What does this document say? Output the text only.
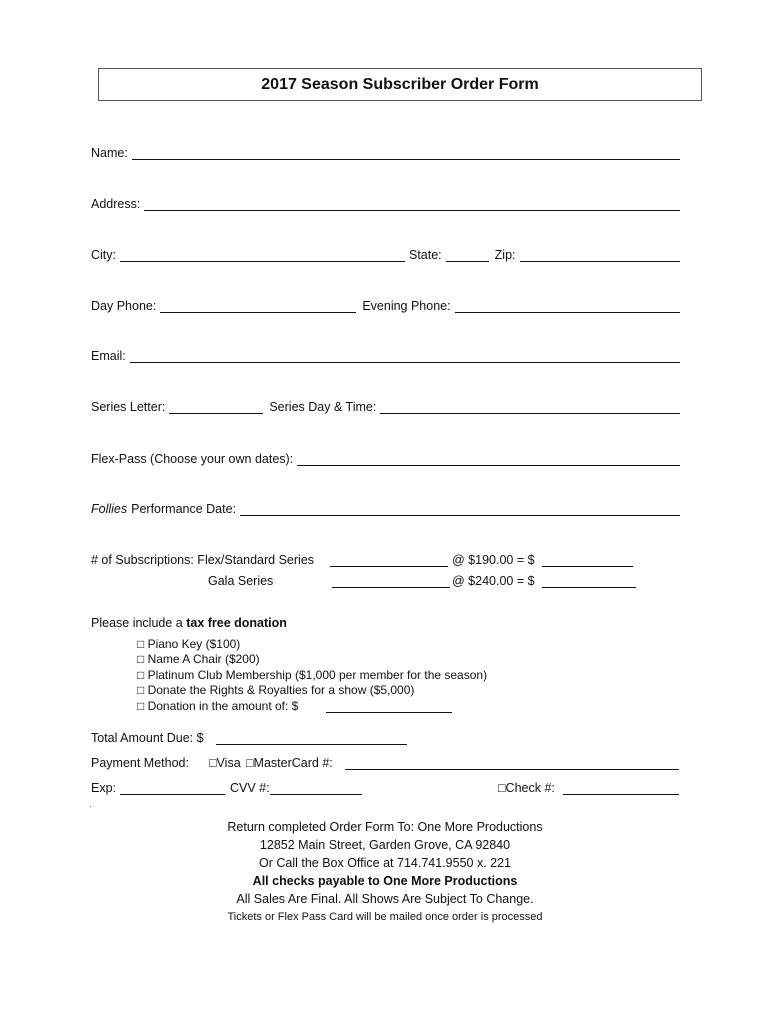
2017 Season Subscriber Order Form
Name:
Address:
City:	State:	Zip:
Day Phone:	Evening Phone:
Email:
Series Letter:	Series Day & Time:
Flex-Pass (Choose your own dates):
Follies Performance Date:
# of Subscriptions: Flex/Standard Series	@ $190.00 = $
Gala Series	@ $240.00 = $
Please include a tax free donation
□ Piano Key ($100)
□ Name A Chair ($200)
□ Platinum Club Membership ($1,000 per member for the season)
□ Donate the Rights & Royalties for a show ($5,000)
□ Donation in the amount of: $
Total Amount Due: $
Payment Method: □Visa □MasterCard #:
Exp:	CVV #:	□Check #:
Return completed Order Form To: One More Productions
12852 Main Street, Garden Grove, CA 92840
Or Call the Box Office at 714.741.9550 x. 221
All checks payable to One More Productions
All Sales Are Final. All Shows Are Subject To Change.
Tickets or Flex Pass Card will be mailed once order is processed
